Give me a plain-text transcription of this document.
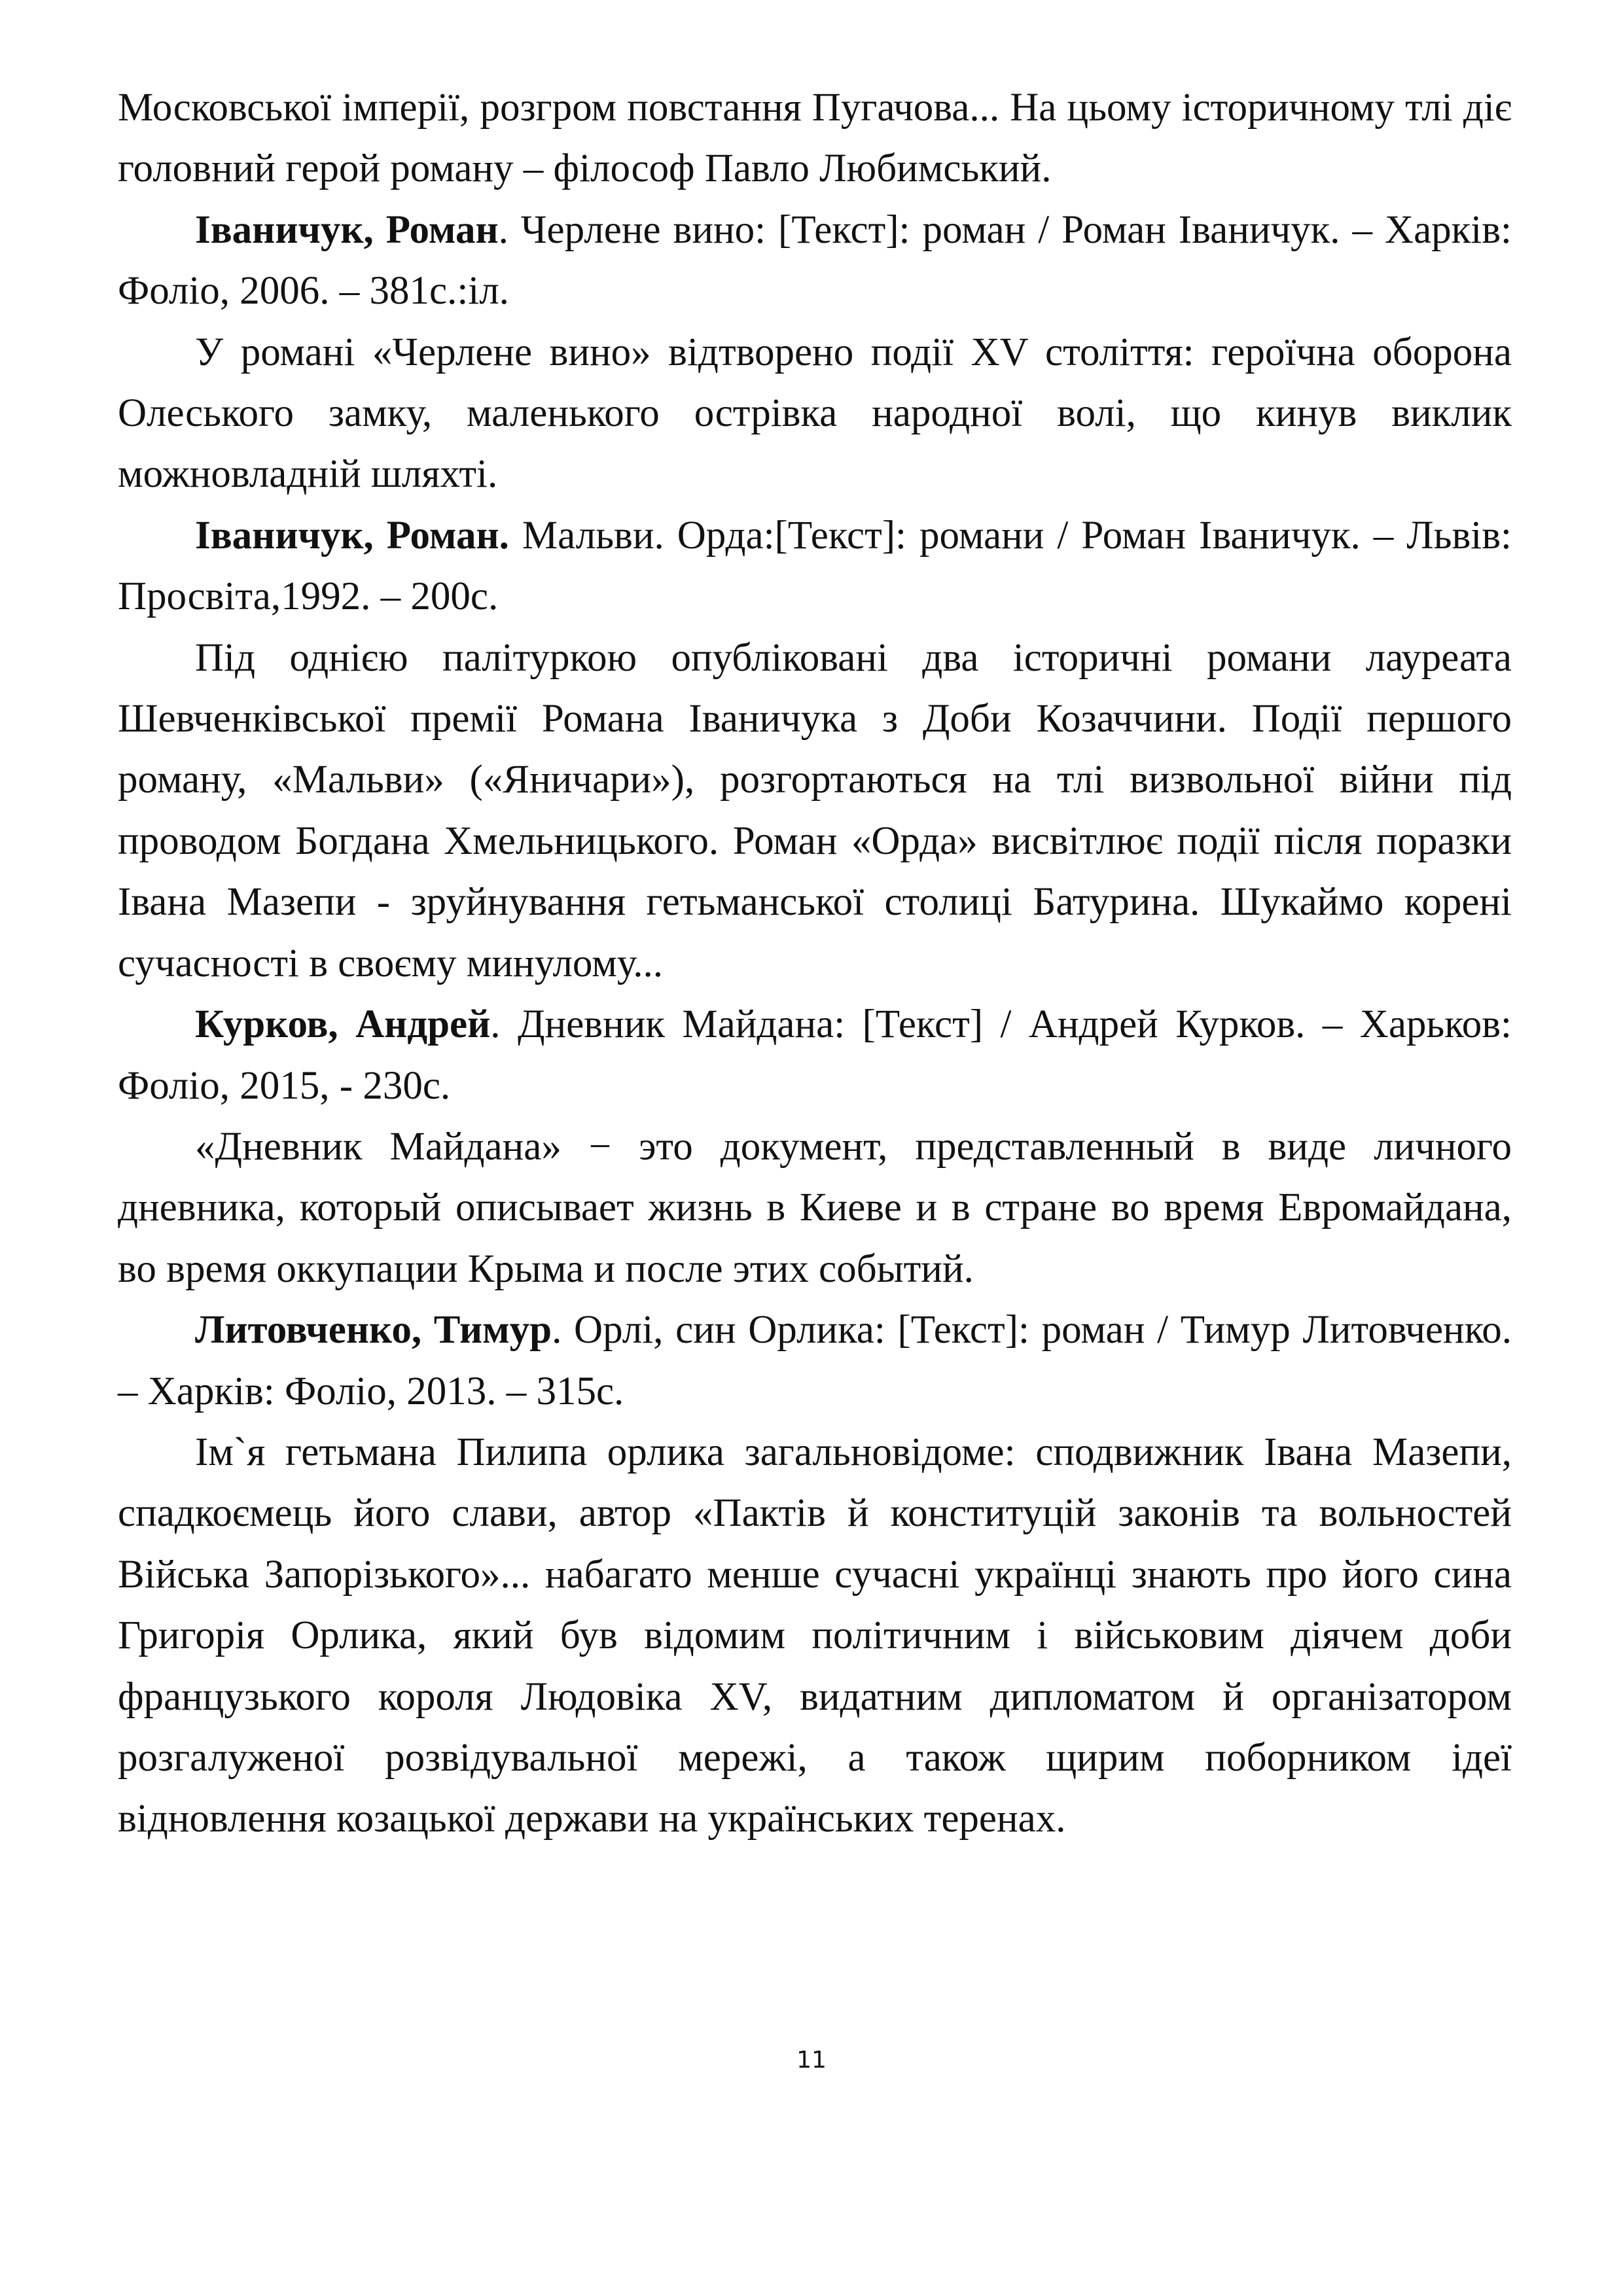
Московської імперії, розгром повстання Пугачова... На цьому історичному тлі діє головний герой роману – філософ Павло Любимський.

Іваничук, Роман. Черлене вино: [Текст]: роман / Роман Іваничук. – Харків: Фоліо, 2006. – 381с.:іл.

У романі «Черлене вино» відтворено події XV століття: героїчна оборона Олеського замку, маленького острівка народної волі, що кинув виклик можновладній шляхті.

Іваничук, Роман. Мальви. Орда:[Текст]: романи / Роман Іваничук. – Львів: Просвіта,1992. – 200с.

Під однією палітуркою опубліковані два історичні романи лауреата Шевченківської премії Романа Іваничука з Доби Козаччини. Події першого роману, «Мальви» («Яничари»), розгортаються на тлі визвольної війни під проводом Богдана Хмельницького. Роман «Орда» висвітлює події після поразки Івана Мазепи - зруйнування гетьманської столиці Батурина. Шукаймо корені сучасності в своєму минулому...

Курков, Андрей. Дневник Майдана: [Текст] / Андрей Курков. – Харьков: Фоліо, 2015, - 230с.

«Дневник Майдана» − это документ, представленный в виде личного дневника, который описывает жизнь в Киеве и в стране во время Евромайдана, во время оккупации Крыма и после этих событий.

Литовченко, Тимур. Орлі, син Орлика: [Текст]: роман / Тимур Литовченко. – Харків: Фоліо, 2013. – 315с.

Ім`я гетьмана Пилипа орлика загальновідоме: сподвижник Івана Мазепи, спадкоємець його слави, автор «Пактів й конституцій законів та вольностей Війська Запорізького»... набагато менше сучасні українці знають про його сина Григорія Орлика, який був відомим політичним і військовим діячем доби французького короля Людовіка XV, видатним дипломатом й організатором розгалуженої розвідувальної мережі, а також щирим поборником ідеї відновлення козацької держави на українських теренах.

11
